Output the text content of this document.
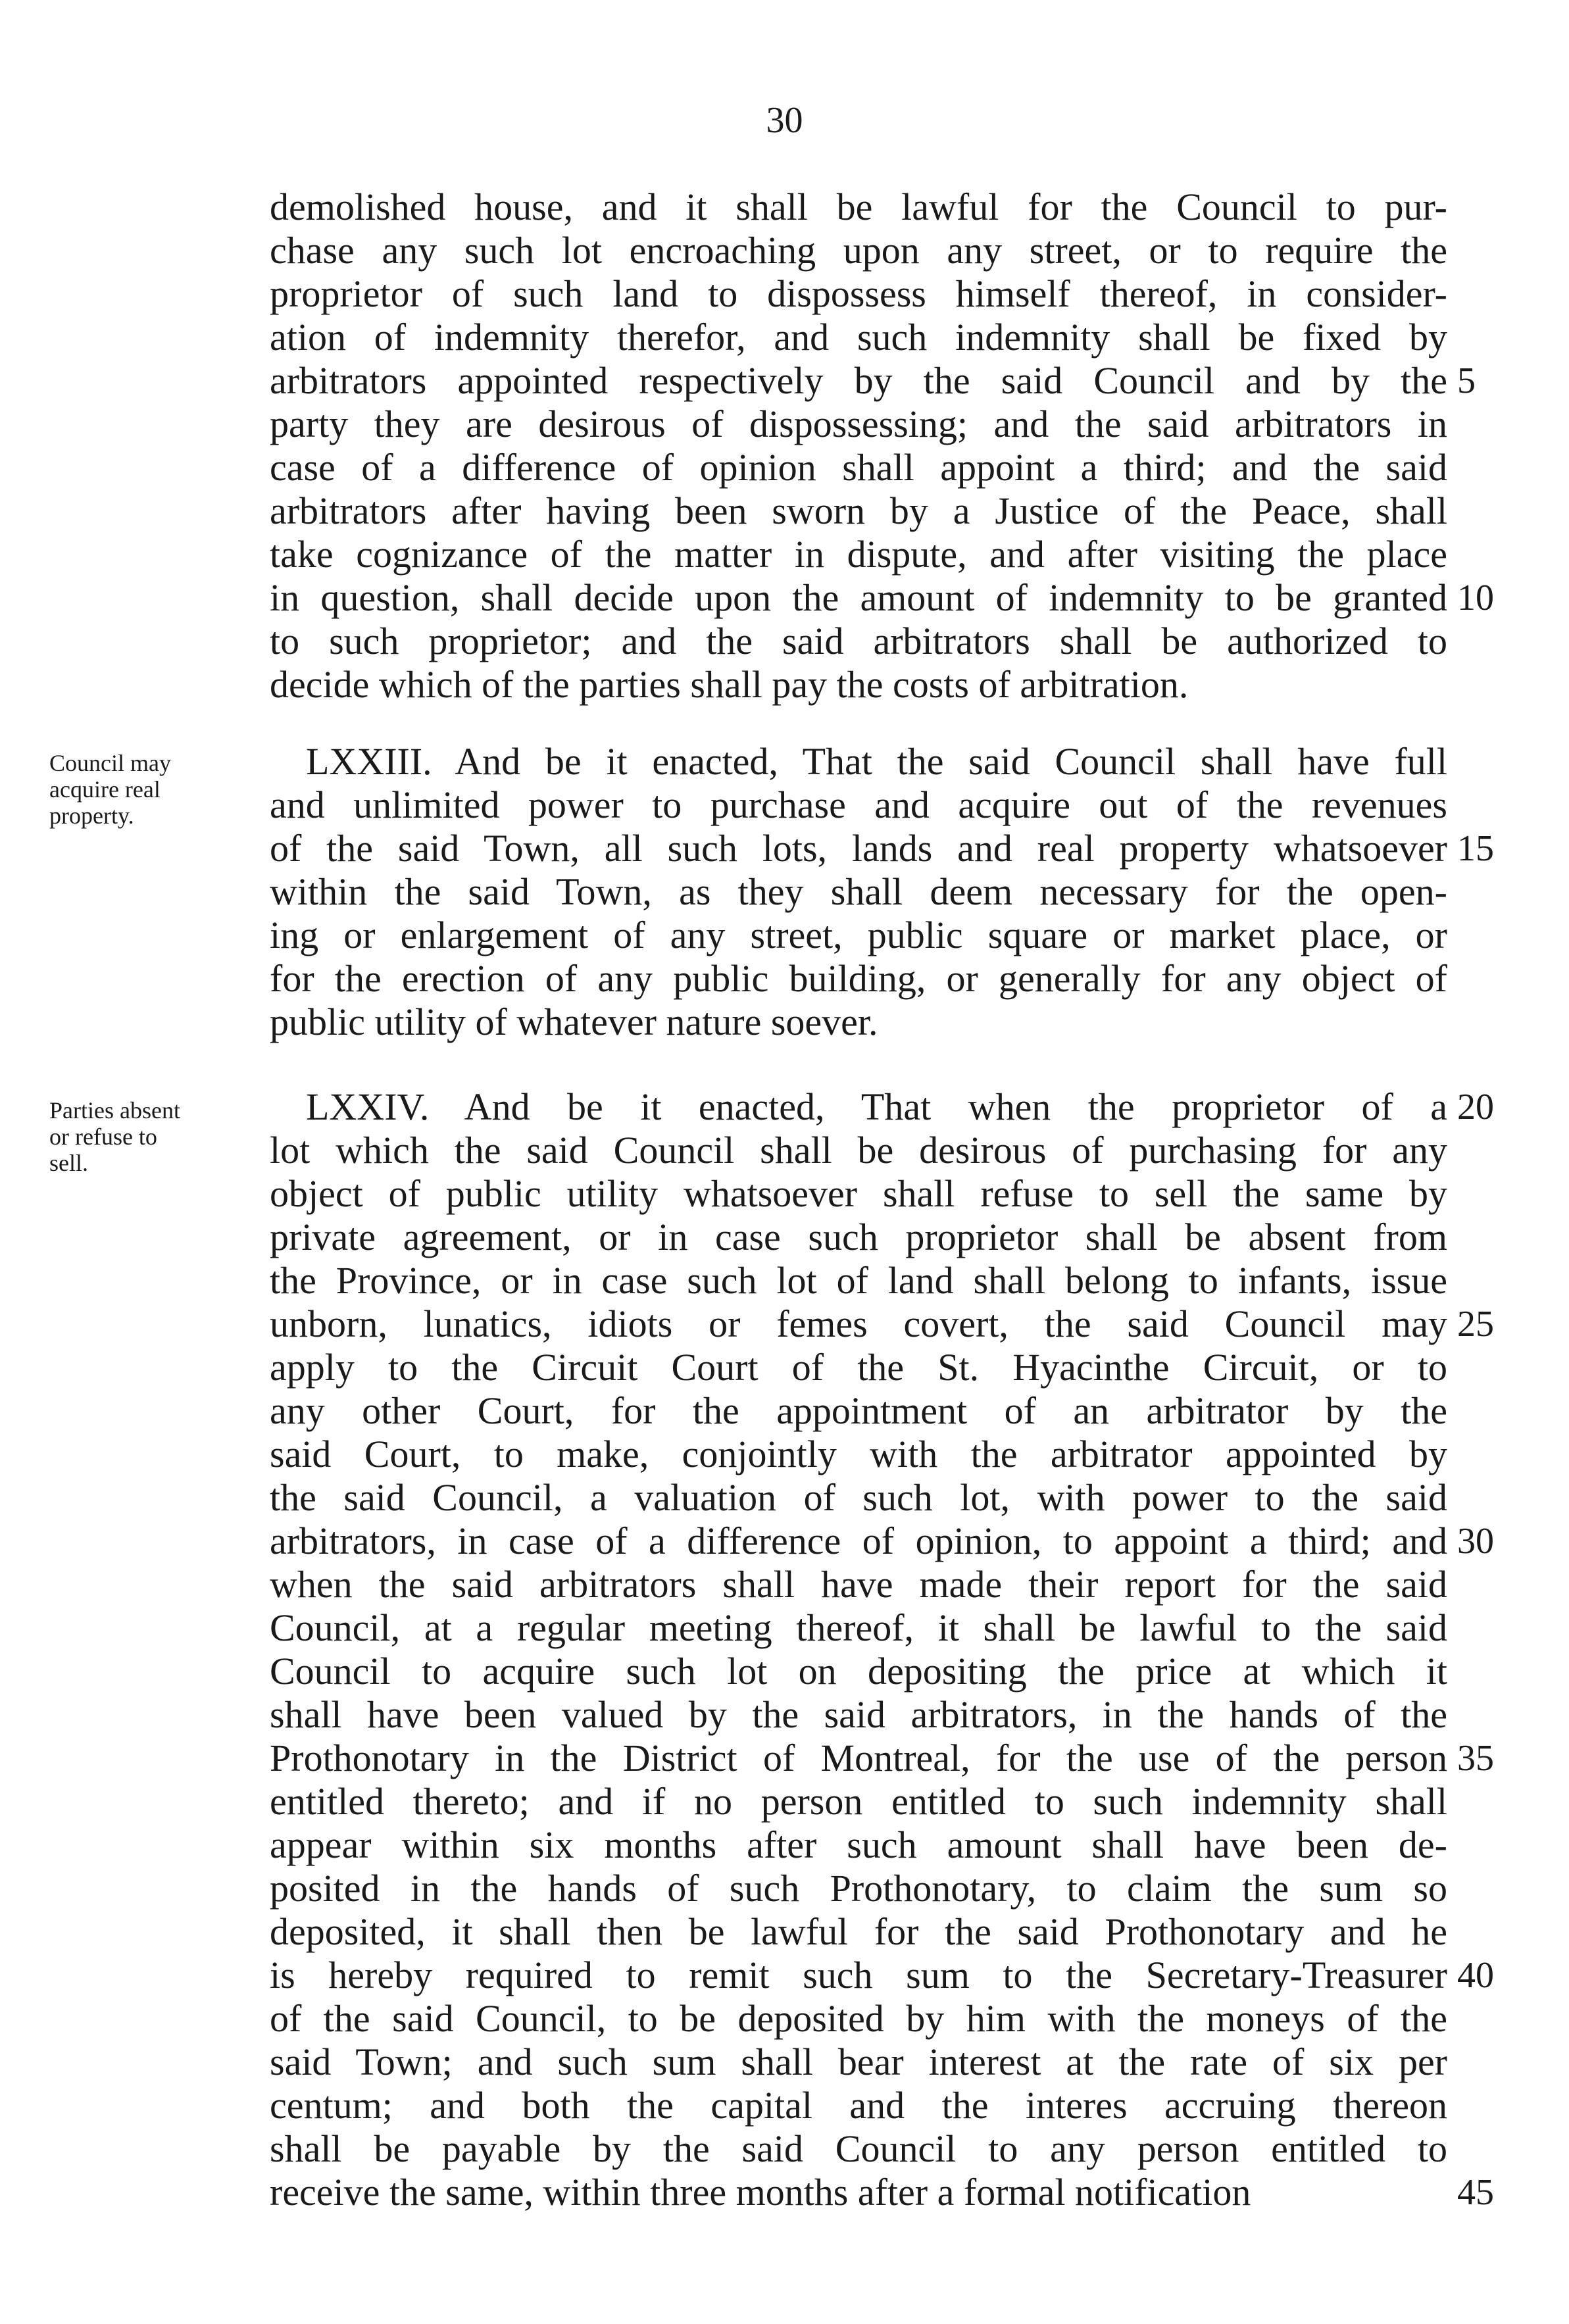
30
demolished house, and it shall be lawful for the Council to pur-
chase any such lot encroaching upon any street, or to require the
proprietor of such land to dispossess himself thereof, in consider-
ation of indemnity therefor, and such indemnity shall be fixed by
arbitrators appointed respectively by the said Council and by the
party they are desirous of dispossessing; and the said arbitrators in
case of a difference of opinion shall appoint a third; and the said
arbitrators after having been sworn by a Justice of the Peace, shall
take cognizance of the matter in dispute, and after visiting the place
in question, shall decide upon the amount of indemnity to be granted
to such proprietor; and the said arbitrators shall be authorized to
decide which of the parties shall pay the costs of arbitration.
Council may
acquire real
property.
LXXIII. And be it enacted, That the said Council shall have full
and unlimited power to purchase and acquire out of the revenues
of the said Town, all such lots, lands and real property whatsoever
within the said Town, as they shall deem necessary for the open-
ing or enlargement of any street, public square or market place, or
for the erection of any public building, or generally for any object of
public utility of whatever nature soever.
Parties absent
or refuse to
sell.
LXXIV. And be it enacted, That when the proprietor of a
lot which the said Council shall be desirous of purchasing for any
object of public utility whatsoever shall refuse to sell the same by
private agreement, or in case such proprietor shall be absent from
the Province, or in case such lot of land shall belong to infants, issue
unborn, lunatics, idiots or femes covert, the said Council may
apply to the Circuit Court of the St. Hyacinthe Circuit, or to
any other Court, for the appointment of an arbitrator by the
said Court, to make, conjointly with the arbitrator appointed by
the said Council, a valuation of such lot, with power to the said
arbitrators, in case of a difference of opinion, to appoint a third; and
when the said arbitrators shall have made their report for the said
Council, at a regular meeting thereof, it shall be lawful to the said
Council to acquire such lot on depositing the price at which it
shall have been valued by the said arbitrators, in the hands of the
Prothonotary in the District of Montreal, for the use of the person
entitled thereto; and if no person entitled to such indemnity shall
appear within six months after such amount shall have been de-
posited in the hands of such Prothonotary, to claim the sum so
deposited, it shall then be lawful for the said Prothonotary and he
is hereby required to remit such sum to the Secretary-Treasurer
of the said Council, to be deposited by him with the moneys of the
said Town; and such sum shall bear interest at the rate of six per
centum; and both the capital and the interes accruing thereon
shall be payable by the said Council to any person entitled to
receive the same, within three months after a formal notification
5
10
15
20
25
30
35
40
45
